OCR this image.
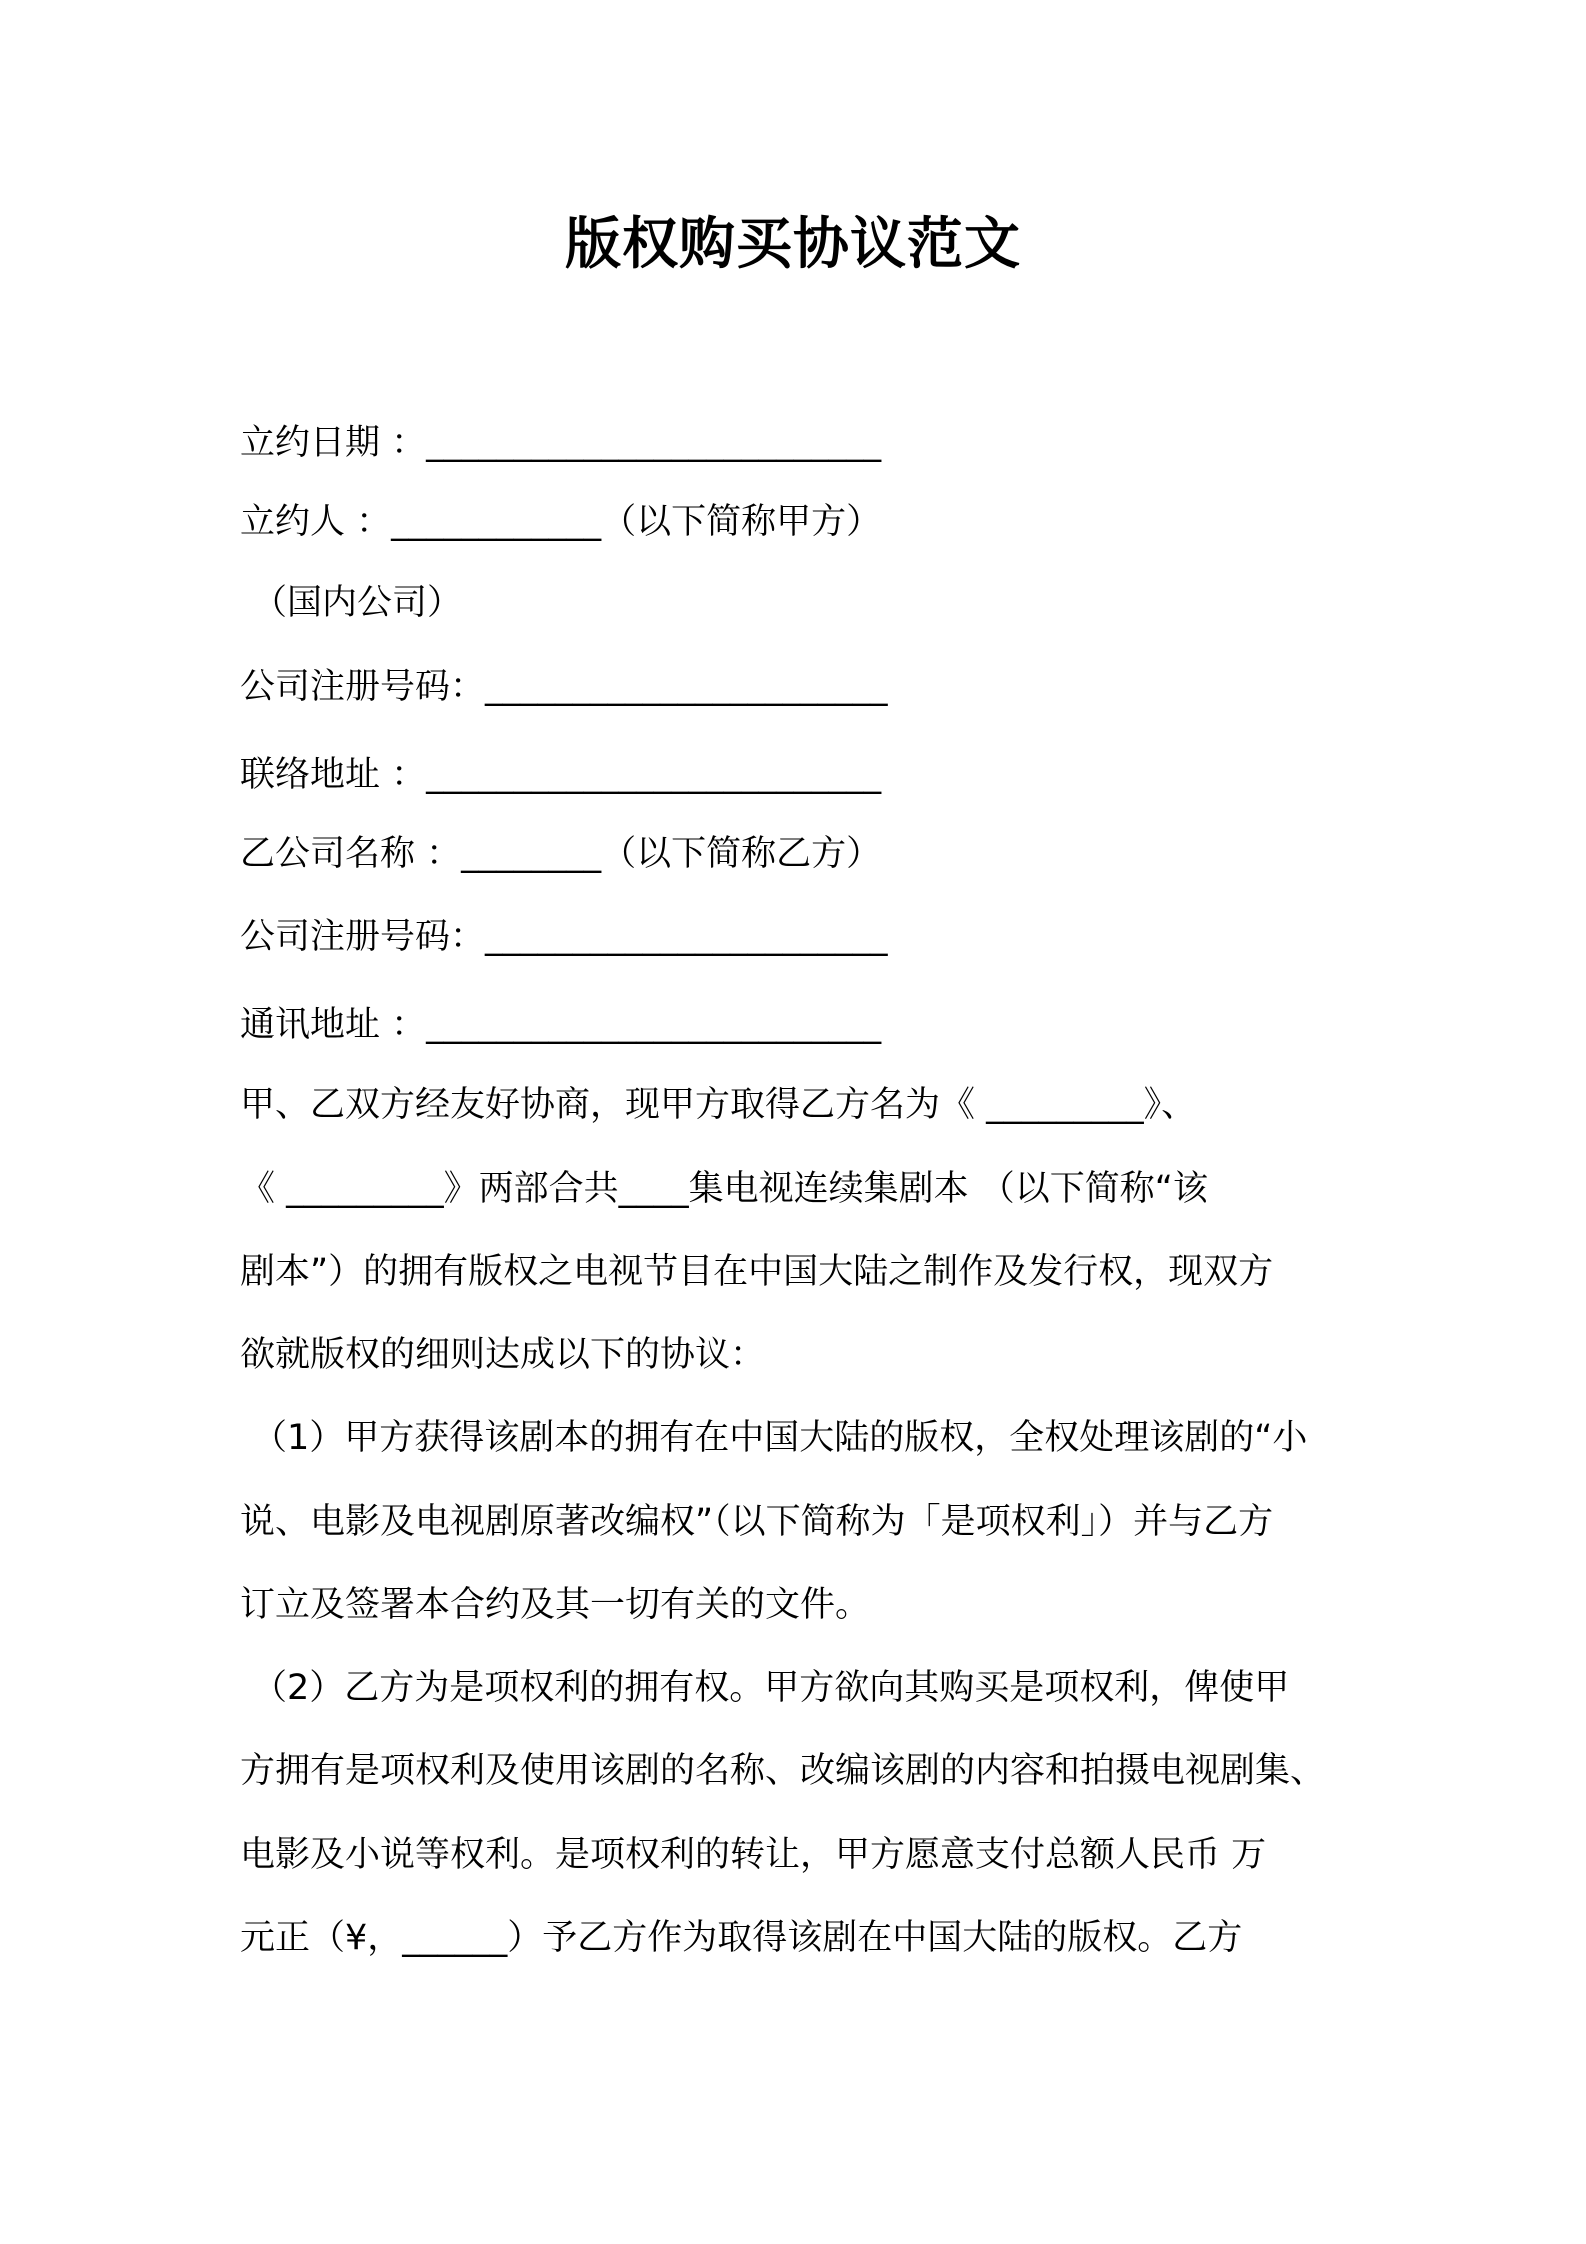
版权购买协议范文
立约日期 ：__________________________
立约人 ：____________（以下简称甲方）
（国内公司）
公司注册号码：_______________________
联络地址 ：__________________________
乙公司名称 ：________（以下简称乙方）
公司注册号码：_______________________
通讯地址 ：__________________________
甲、乙双方经友好协商，现甲方取得乙方名为《 _________》、
《 _________》两部合共____集电视连续集剧本 （以下简称“该
剧本”）的拥有版权之电视节目在中国大陆之制作及发行权，现双方
欲就版权的细则达成以下的协议：
（1）甲方获得该剧本的拥有在中国大陆的版权，全权处理该剧的“小
说、电影及电视剧原著改编权”（以下简称为「是项权利」）并与乙方
订立及签署本合约及其一切有关的文件。
（2）乙方为是项权利的拥有权。甲方欲向其购买是项权利，俾使甲
方拥有是项权利及使用该剧的名称、改编该剧的内容和拍摄电视剧集、
电影及小说等权利。是项权利的转让，甲方愿意支付总额人民币 万
元正（¥，______）予乙方作为取得该剧在中国大陆的版权。乙方
